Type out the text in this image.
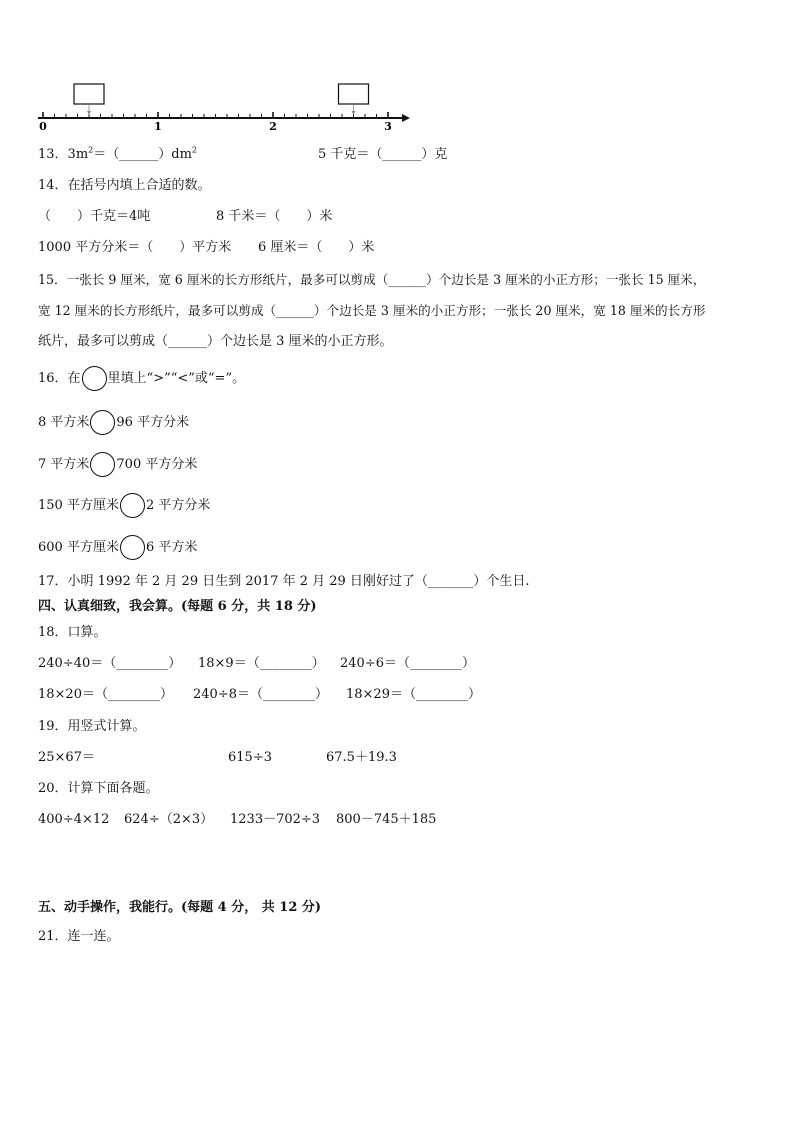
0	1	2	3
13．$3m^2=(\_\_\_\_\_\_)dm^2$	5 千克＝（______）克
14．在括号内填上合适的数。
（　　）千克＝4吨	8 千米＝（　　）米
1000 平方分米＝（　　）平方米 6 厘米＝（　　）米
15．一张长 9 厘米，宽 6 厘米的长方形纸片，最多可以剪成（______）个边长是 3 厘米的小正方形；一张长 15 厘米，
宽 12 厘米的长方形纸片，最多可以剪成（______）个边长是 3 厘米的小正方形；一张长 20 厘米，宽 18 厘米的长方形
纸片，最多可以剪成（______）个边长是 3 厘米的小正方形。
16．在 里填上“>”“<”或“=”。
8 平方米 96 平方分米
7 平方米 700 平方分米
150 平方厘米 2 平方分米
600 平方厘米 6 平方米
17．小明 1992 年 2 月 29 日生到 2017 年 2 月 29 日刚好过了（_______）个生日.
四、认真细致，我会算。(每题 6 分，共 18 分)
18．口算。
240÷40＝（________） 18×9＝（________） 240÷6＝（________）
18×20＝（________） 240÷8＝（________） 18×29＝（________）
19．用竖式计算。
25×67＝	615÷3	67.5＋19.3
20．计算下面各题。
400÷4×12 624÷（2×3） 1233－702÷3 800－745＋185
五、动手操作，我能行。(每题 4 分， 共 12 分)
21．连一连。
